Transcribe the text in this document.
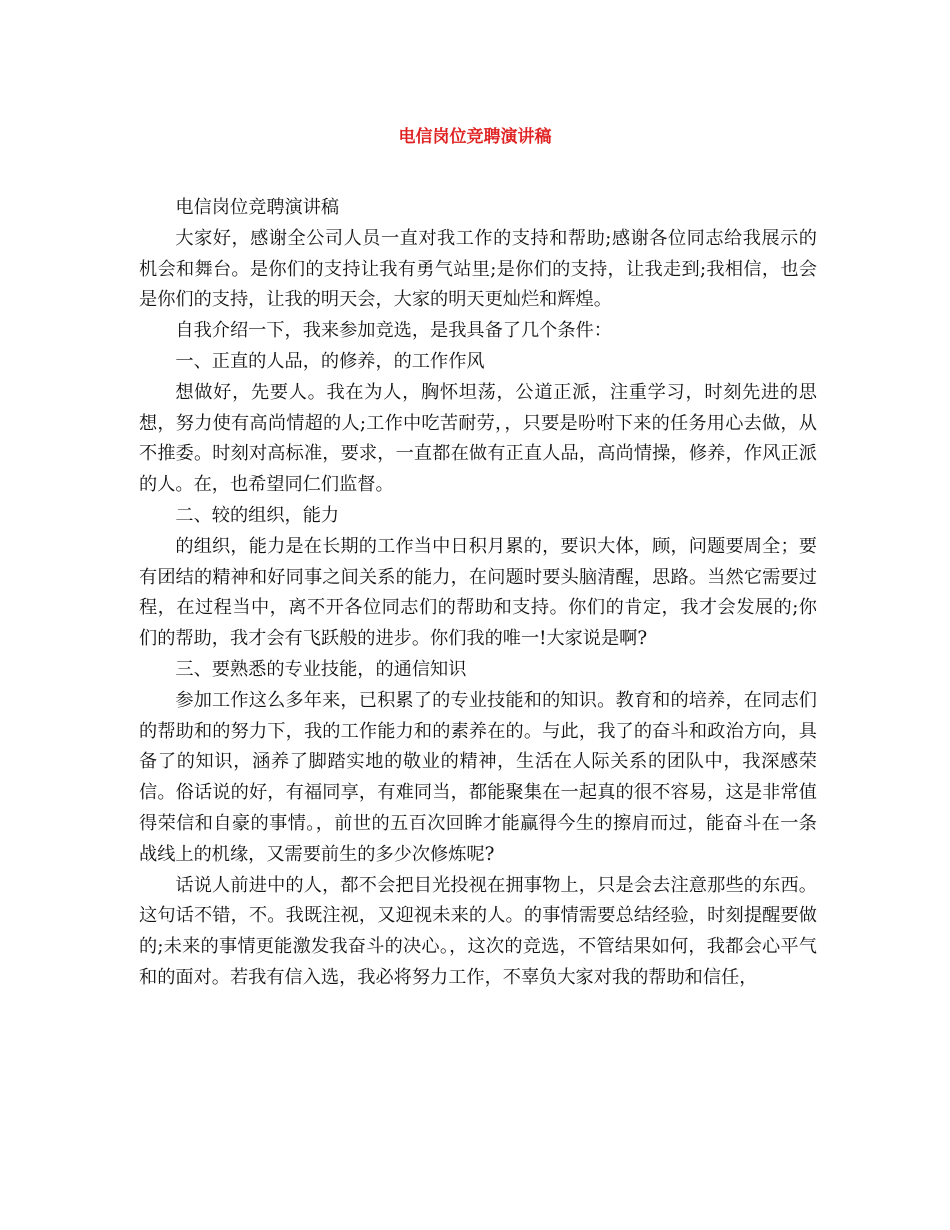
电信岗位竞聘演讲稿

电信岗位竞聘演讲稿

大家好，感谢全公司人员一直对我工作的支持和帮助;感谢各位同志给我展示的机会和舞台。是你们的支持让我有勇气站里;是你们的支持，让我走到;我相信，也会是你们的支持，让我的明天会，大家的明天更灿烂和辉煌。

自我介绍一下，我来参加竞选，是我具备了几个条件：

一、正直的人品，的修养，的工作作风

想做好，先要人。我在为人，胸怀坦荡，公道正派，注重学习，时刻先进的思想，努力使有高尚情超的人;工作中吃苦耐劳，，只要是吩咐下来的任务用心去做，从不推委。时刻对高标准，要求，一直都在做有正直人品，高尚情操，修养，作风正派的人。在，也希望同仁们监督。

二、较的组织，能力

的组织，能力是在长期的工作当中日积月累的，要识大体，顾，问题要周全；要有团结的精神和好同事之间关系的能力，在问题时要头脑清醒，思路。当然它需要过程，在过程当中，离不开各位同志们的帮助和支持。你们的肯定，我才会发展的;你们的帮助，我才会有飞跃般的进步。你们我的唯一!大家说是啊?

三、要熟悉的专业技能，的通信知识

参加工作这么多年来，已积累了的专业技能和的知识。教育和的培养，在同志们的帮助和的努力下，我的工作能力和的素养在的。与此，我了的奋斗和政治方向，具备了的知识，涵养了脚踏实地的敬业的精神，生活在人际关系的团队中，我深感荣信。俗话说的好，有福同享，有难同当，都能聚集在一起真的很不容易，这是非常值得荣信和自豪的事情。，前世的五百次回眸才能赢得今生的擦肩而过，能奋斗在一条战线上的机缘，又需要前生的多少次修炼呢?

话说人前进中的人，都不会把目光投视在拥事物上，只是会去注意那些的东西。这句话不错，不。我既注视，又迎视未来的人。的事情需要总结经验，时刻提醒要做的;未来的事情更能激发我奋斗的决心。，这次的竞选，不管结果如何，我都会心平气和的面对。若我有信入选，我必将努力工作，不辜负大家对我的帮助和信任，
